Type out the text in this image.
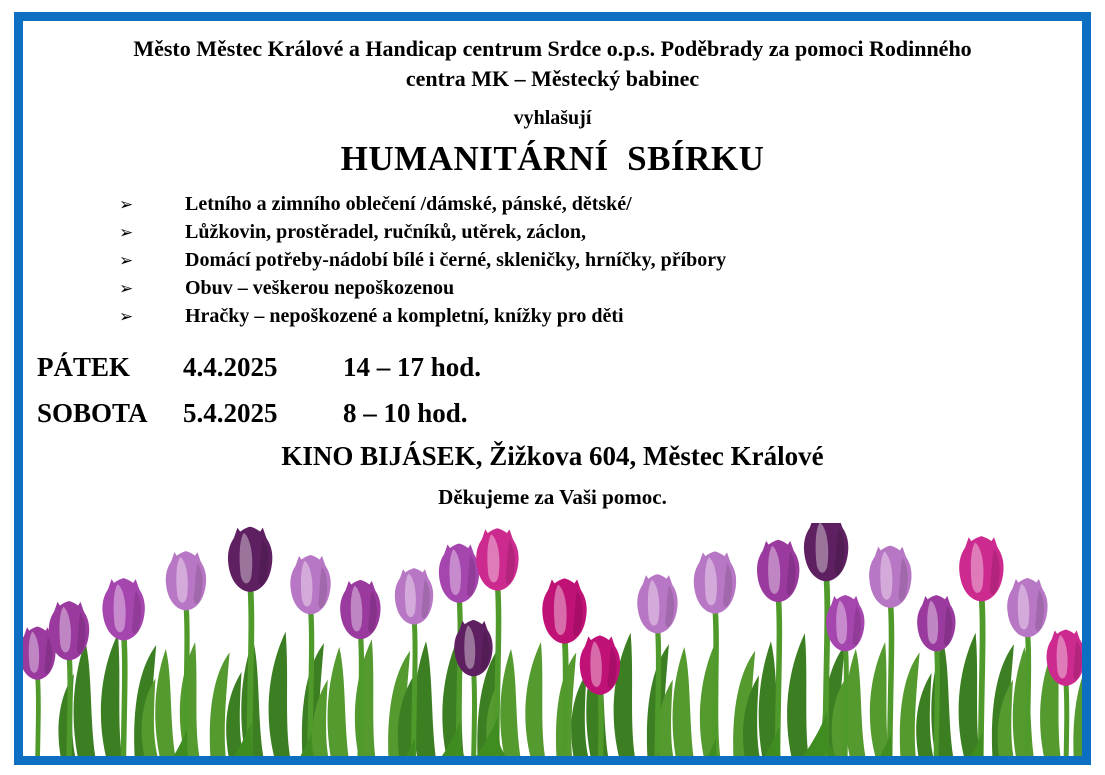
Město Městec Králové a Handicap centrum Srdce o.p.s. Poděbrady za pomoci Rodinného
centra MK – Městecký babinec
vyhlašují
HUMANITÁRNÍ  SBÍRKU
➢	Letního a zimního oblečení /dámské, pánské, dětské/
➢	Lůžkovin, prostěradel, ručníků, utěrek, záclon,
➢	Domácí potřeby-nádobí bílé i černé, skleničky, hrníčky, příbory
➢	Obuv – veškerou nepoškozenou
➢	Hračky – nepoškozené a kompletní, knížky pro děti
PÁTEK	4.4.2025	14 – 17 hod.
SOBOTA	5.4.2025	8 – 10 hod.
KINO BIJÁSEK, Žižkova 604, Městec Králové
Děkujeme za Vaši pomoc.
